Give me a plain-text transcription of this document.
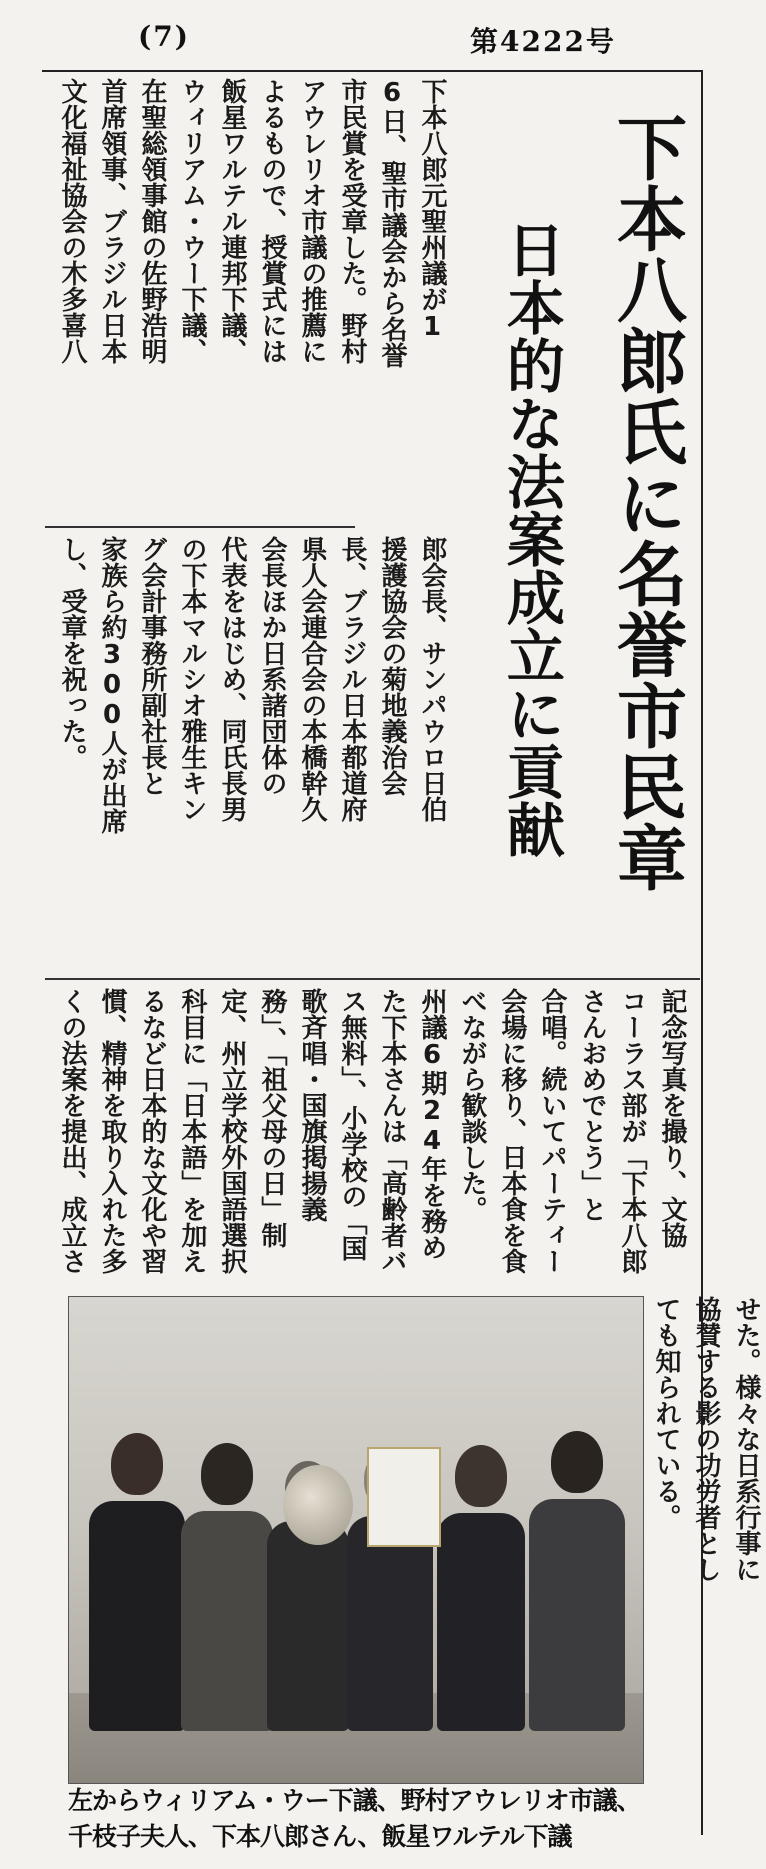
(7)	第4222号
下本八郎氏に名誉市民章
日本的な法案成立に貢献
下本八郎元聖州議が1
6日、聖市議会から名誉
市民賞を受章した。野村
アウレリオ市議の推薦に
よるもので、授賞式には
飯星ワルテル連邦下議、
ウィリアム・ウー下議、
在聖総領事館の佐野浩明
首席領事、ブラジル日本
文化福祉協会の木多喜八
郎会長、サンパウロ日伯
援護協会の菊地義治会
長、ブラジル日本都道府
県人会連合会の本橋幹久
会長ほか日系諸団体の
代表をはじめ、同氏長男
の下本マルシオ雅生キン
グ会計事務所副社長と
家族ら約300人が出席
し、受章を祝った。
記念写真を撮り、文協
コーラス部が「下本八郎
さんおめでとう」と
合唱。続いてパーティー
会場に移り、日本食を食
べながら歓談した。
州議6期24年を務め
た下本さんは「高齢者バ
ス無料」、小学校の「国
歌斉唱・国旗掲揚義
務」、「祖父母の日」制
定、州立学校外国語選択
科目に「日本語」を加え
るなど日本的な文化や習
慣、精神を取り入れた多
くの法案を提出、成立さ
せた。様々な日系行事に
協賛する影の功労者とし
ても知られている。
左からウィリアム・ウー下議、野村アウレリオ市議、
千枝子夫人、下本八郎さん、飯星ワルテル下議
